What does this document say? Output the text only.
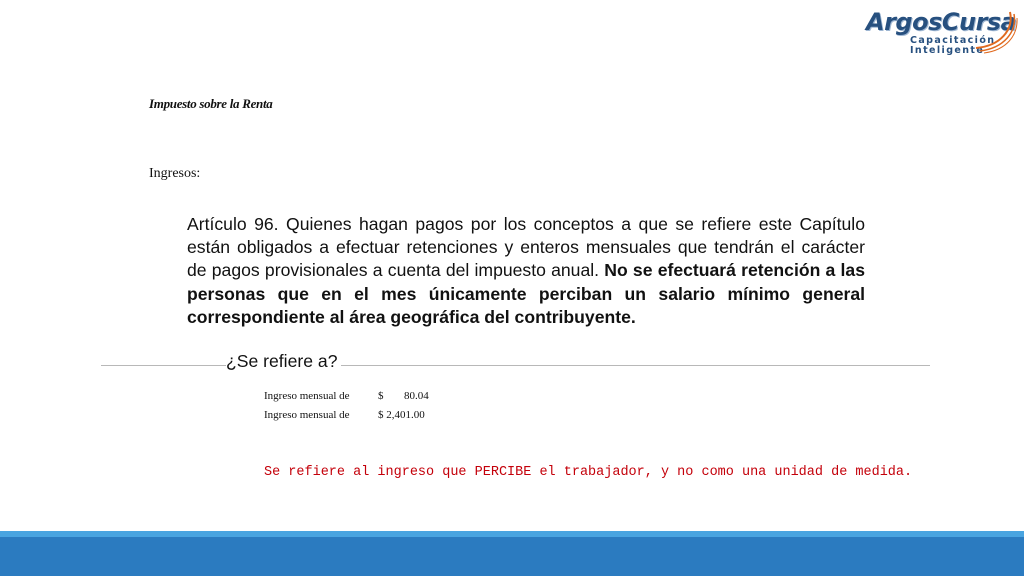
ArgosCursa
Capacitación
Inteligente
Impuesto sobre la Renta
Ingresos:
Artículo 96. Quienes hagan pagos por los conceptos a que se refiere este Capítulo están obligados a efectuar retenciones y enteros mensuales que tendrán el carácter de pagos provisionales a cuenta del impuesto anual. No se efectuará retención a las personas que en el mes únicamente perciban un salario mínimo general correspondiente al área geográfica del contribuyente.
¿Se refiere a?
Ingreso mensual de	$	80.04
Ingreso mensual de	$ 2,401.00
Se refiere al ingreso que PERCIBE el trabajador, y no como una unidad de medida.
